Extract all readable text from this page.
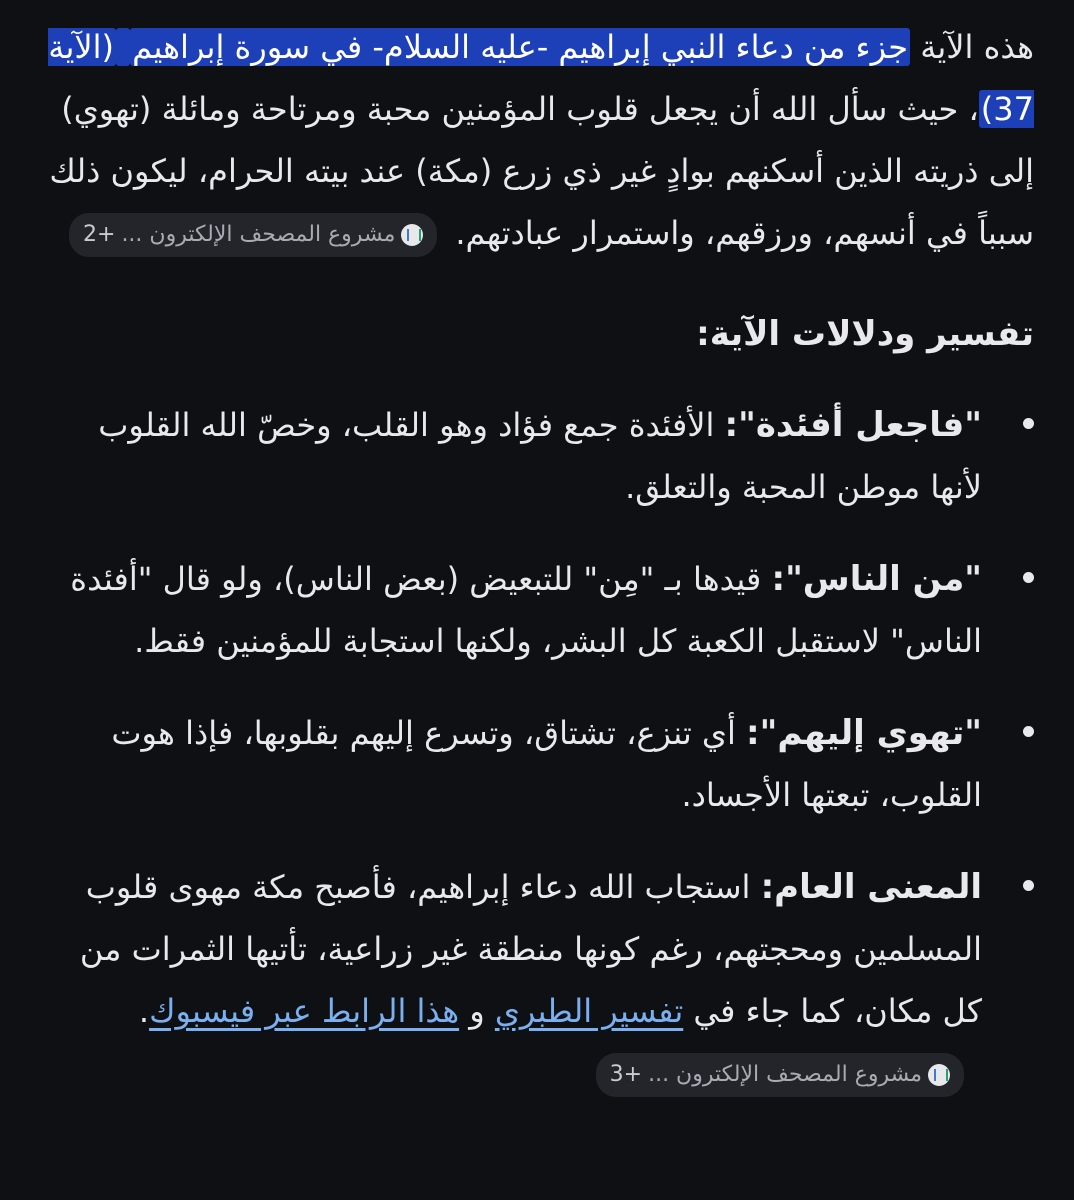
هذه الآية جزء من دعاء النبي إبراهيم -عليه السلام- في سورة إبراهيم (الآية 37)، حيث سأل الله أن يجعل قلوب المؤمنين محبة ومرتاحة ومائلة (تهوي) إلى ذريته الذين أسكنهم بوادٍ غير ذي زرع (مكة) عند بيته الحرام، ليكون ذلك سبباً في أنسهم، ورزقهم، واستمرار عبادتهم.
مشروع المصحف الإلكترون ...
+2

تفسير ودلالات الآية:
"فاجعل أفئدة": الأفئدة جمع فؤاد وهو القلب، وخصّ الله القلوب لأنها موطن المحبة والتعلق.
"من الناس": قيدها بـ "مِن" للتبعيض (بعض الناس)، ولو قال "أفئدة الناس" لاستقبل الكعبة كل البشر، ولكنها استجابة للمؤمنين فقط.
"تهوي إليهم": أي تنزع، تشتاق، وتسرع إليهم بقلوبها، فإذا هوت القلوب، تبعتها الأجساد.
المعنى العام: استجاب الله دعاء إبراهيم، فأصبح مكة مهوى قلوب المسلمين ومحجتهم، رغم كونها منطقة غير زراعية، تأتيها الثمرات من كل مكان، كما جاء في تفسير الطبري و هذا الرابط عبر فيسبوك.
مشروع المصحف الإلكترون ...
+3
